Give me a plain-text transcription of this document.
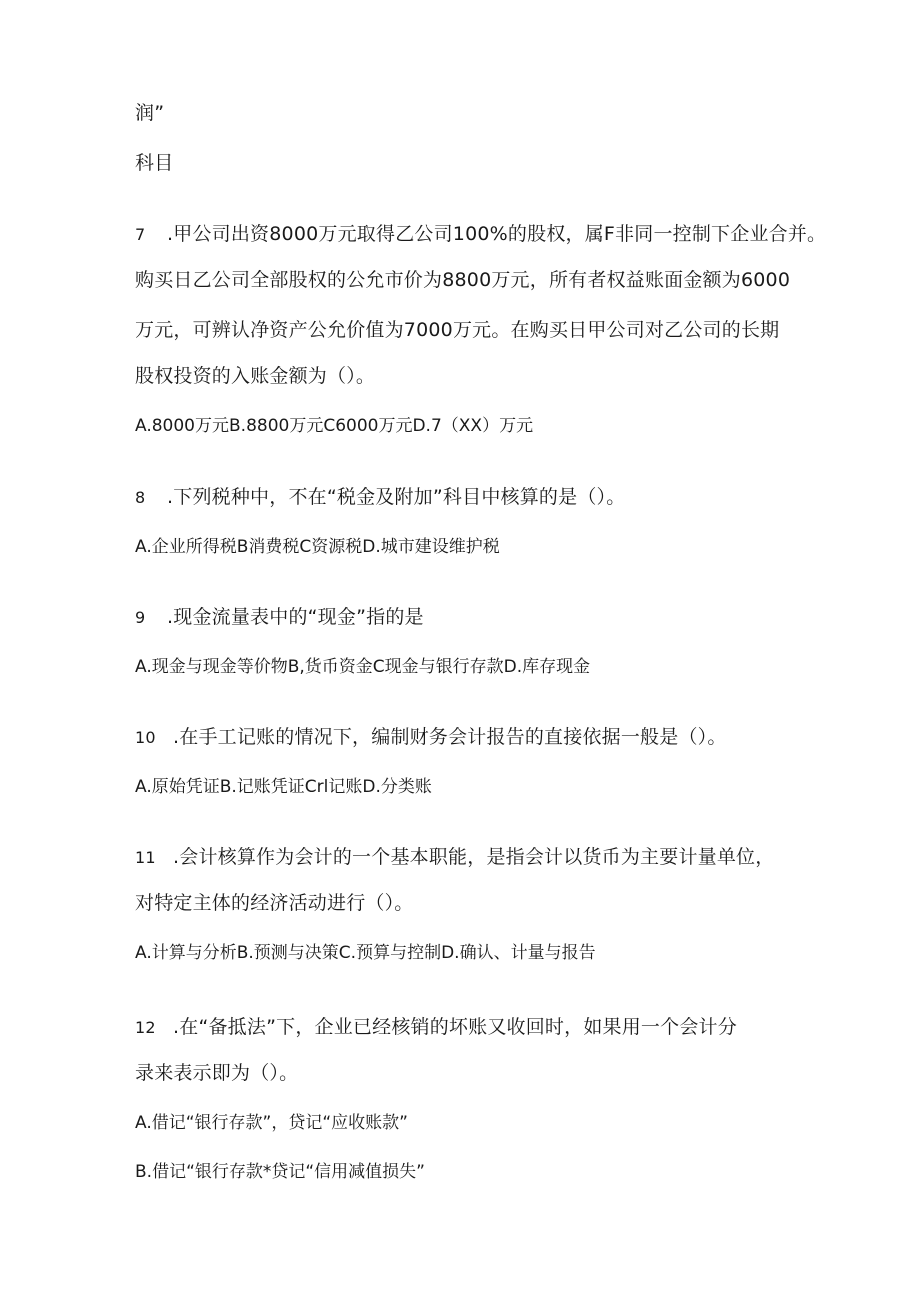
润”
科目
7 .甲公司出资8000万元取得乙公司100%的股权，属F非同一控制下企业合并。
购买日乙公司全部股权的公允市价为8800万元，所有者权益账面金额为6000
万元，可辨认净资产公允价值为7000万元。在购买日甲公司对乙公司的长期
股权投资的入账金额为（）。
A.8000万元B.8800万元C6000万元D.7（XX）万元
8 .下列税种中，不在“税金及附加”科目中核算的是（）。
A.企业所得税B消费税C资源税D.城市建设维护税
9 .现金流量表中的“现金”指的是
A.现金与现金等价物B,货币资金C现金与银行存款D.库存现金
10 .在手工记账的情况下，编制财务会计报告的直接依据一般是（）。
A.原始凭证B.记账凭证Crl记账D.分类账
11 .会计核算作为会计的一个基本职能，是指会计以货币为主要计量单位，
对特定主体的经济活动进行（）。
A.计算与分析B.预测与决策C.预算与控制D.确认、计量与报告
12 .在“备抵法”下，企业已经核销的坏账又收回时，如果用一个会计分
录来表示即为（）。
A.借记“银行存款”，贷记“应收账款”
B.借记“银行存款*贷记“信用减值损失”
